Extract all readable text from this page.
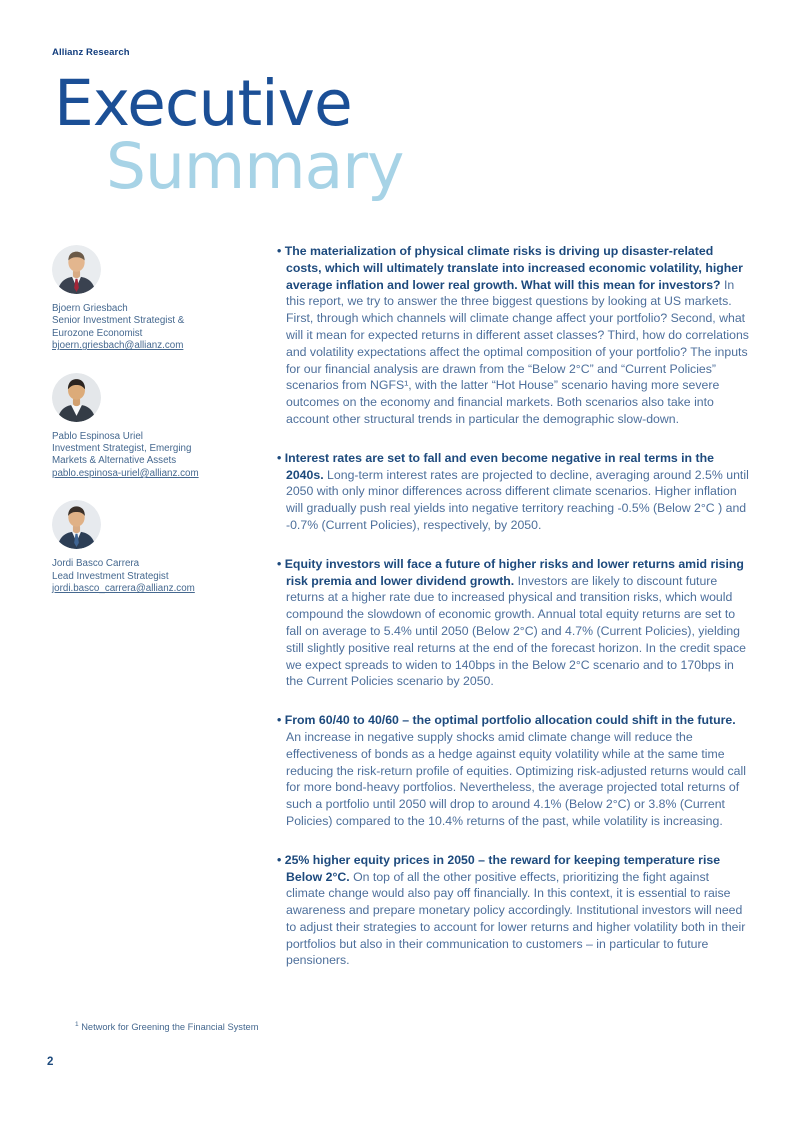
Allianz Research
Executive
Summary
Bjoern Griesbach
Senior Investment Strategist & Eurozone Economist
bjoern.griesbach@allianz.com
Pablo Espinosa Uriel
Investment Strategist, Emerging Markets & Alternative Assets
pablo.espinosa-uriel@allianz.com
Jordi Basco Carrera
Lead Investment Strategist
jordi.basco_carrera@allianz.com

• The materialization of physical climate risks is driving up disaster-related costs, which will ultimately translate into increased economic volatility, higher average inflation and lower real growth. What will this mean for investors? In this report, we try to answer the three biggest questions by looking at US markets. First, through which channels will climate change affect your portfolio? Second, what will it mean for expected returns in different asset classes? Third, how do correlations and volatility expectations affect the optimal composition of your portfolio? The inputs for our financial analysis are drawn from the “Below 2°C” and “Current Policies” scenarios from NGFS¹, with the latter “Hot House” scenario having more severe outcomes on the economy and financial markets. Both scenarios also take into account other structural trends in particular the demographic slow-down.

• Interest rates are set to fall and even become negative in real terms in the 2040s. Long-term interest rates are projected to decline, averaging around 2.5% until 2050 with only minor differences across different climate scenarios. Higher inflation will gradually push real yields into negative territory reaching -0.5% (Below 2°C ) and -0.7% (Current Policies), respectively, by 2050.

• Equity investors will face a future of higher risks and lower returns amid rising risk premia and lower dividend growth. Investors are likely to discount future returns at a higher rate due to increased physical and transition risks, which would compound the slowdown of economic growth. Annual total equity returns are set to fall on average to 5.4% until 2050 (Below 2°C) and 4.7% (Current Policies), yielding still slightly positive real returns at the end of the forecast horizon. In the credit space we expect spreads to widen to 140bps in the Below 2°C scenario and to 170bps in the Current Policies scenario by 2050.

• From 60/40 to 40/60 – the optimal portfolio allocation could shift in the future. An increase in negative supply shocks amid climate change will reduce the effectiveness of bonds as a hedge against equity volatility while at the same time reducing the risk-return profile of equities. Optimizing risk-adjusted returns would call for more bond-heavy portfolios. Nevertheless, the average projected total returns of such a portfolio until 2050 will drop to around 4.1% (Below 2°C) or 3.8% (Current Policies) compared to the 10.4% returns of the past, while volatility is increasing.

• 25% higher equity prices in 2050 – the reward for keeping temperature rise Below 2°C. On top of all the other positive effects, prioritizing the fight against climate change would also pay off financially. In this context, it is essential to raise awareness and prepare monetary policy accordingly. Institutional investors will need to adjust their strategies to account for lower returns and higher volatility both in their portfolios but also in their communication to customers – in particular to future pensioners.

$^1$ Network for Greening the Financial System
2
